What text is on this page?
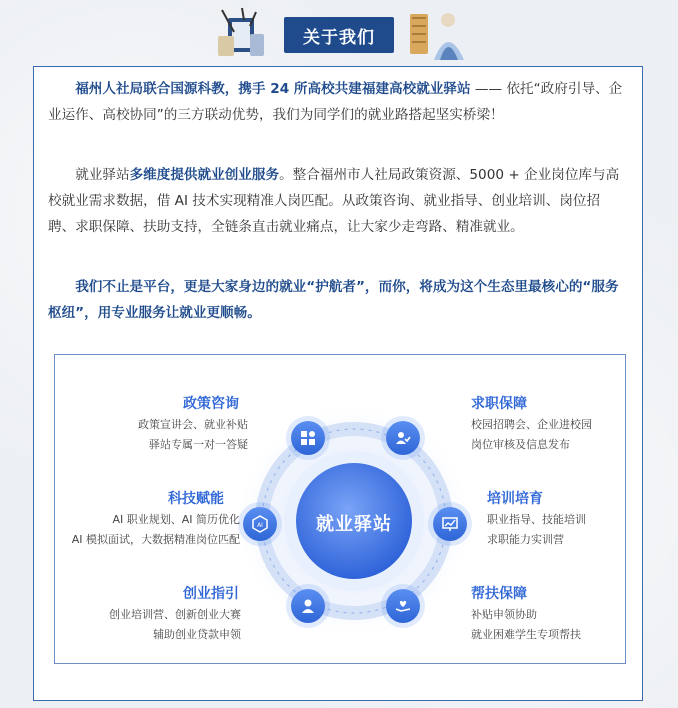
关于我们

福州人社局联合国源科教，携手 24 所高校共建福建高校就业驿站 —— 依托“政府引导、企业运作、高校协同”的三方联动优势，我们为同学们的就业路搭起坚实桥梁！

就业驿站多维度提供就业创业服务。整合福州市人社局政策资源、5000 + 企业岗位库与高校就业需求数据，借 AI 技术实现精准人岗匹配。从政策咨询、就业指导、创业培训、岗位招聘、求职保障、扶助支持，全链条直击就业痛点，让大家少走弯路、精准就业。

我们不止是平台，更是大家身边的就业“护航者”，而你，将成为这个生态里最核心的“服务枢纽”，用专业服务让就业更顺畅。

就业驿站
AI
政策咨询
政策宣讲会、就业补贴
驿站专属一对一答疑
科技赋能
AI 职业规划、AI 简历优化
AI 模拟面试，大数据精准岗位匹配
创业指引
创业培训营、创新创业大赛
辅助创业贷款申领
求职保障
校园招聘会、企业进校园
岗位审核及信息发布
培训培育
职业指导、技能培训
求职能力实训营
帮扶保障
补贴申领协助
就业困难学生专项帮扶
